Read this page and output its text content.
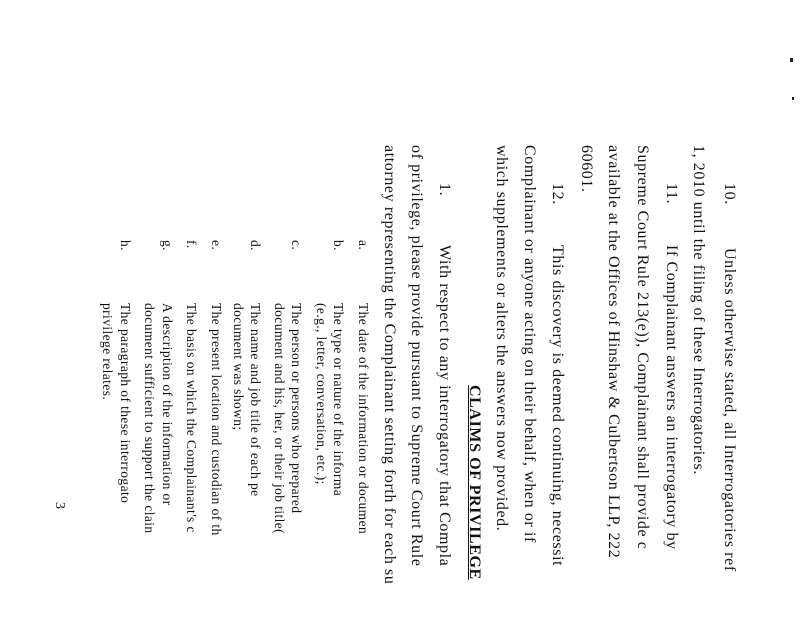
10.
Unless otherwise stated, all Interrogatories ref
1, 2010 until the filing of these Interrogatories.
11.
If Complainant answers an interrogatory by
Supreme Court Rule 213(e)), Complainant shall provide c
available at the Offices of Hinshaw & Culbertson LLP, 222
60601.
12.
This discovery is deemed continuing, necessit
Complainant or anyone acting on their behalf, when or if
which supplements or alters the answers now provided.
CLAIMS OF PRIVILEGE
1.
With respect to any interrogatory that Compla
of privilege, please provide pursuant to Supreme Court Rule
attorney representing the Complainant setting forth for each su
a.
The date of the information or documen
b.
The type or nature of the informa
(e.g., letter, conversation, etc.);
c.
The person or persons who prepared
document and his, her, or their job title(
d.
The name and job title of each pe
document was shown;
e.
The present location and custodian of th
f.
The basis on which the Complainant's c
g.
A description of the information or
document sufficient to support the clain
h.
The paragraph of these interrogato
privilege relates.
3
